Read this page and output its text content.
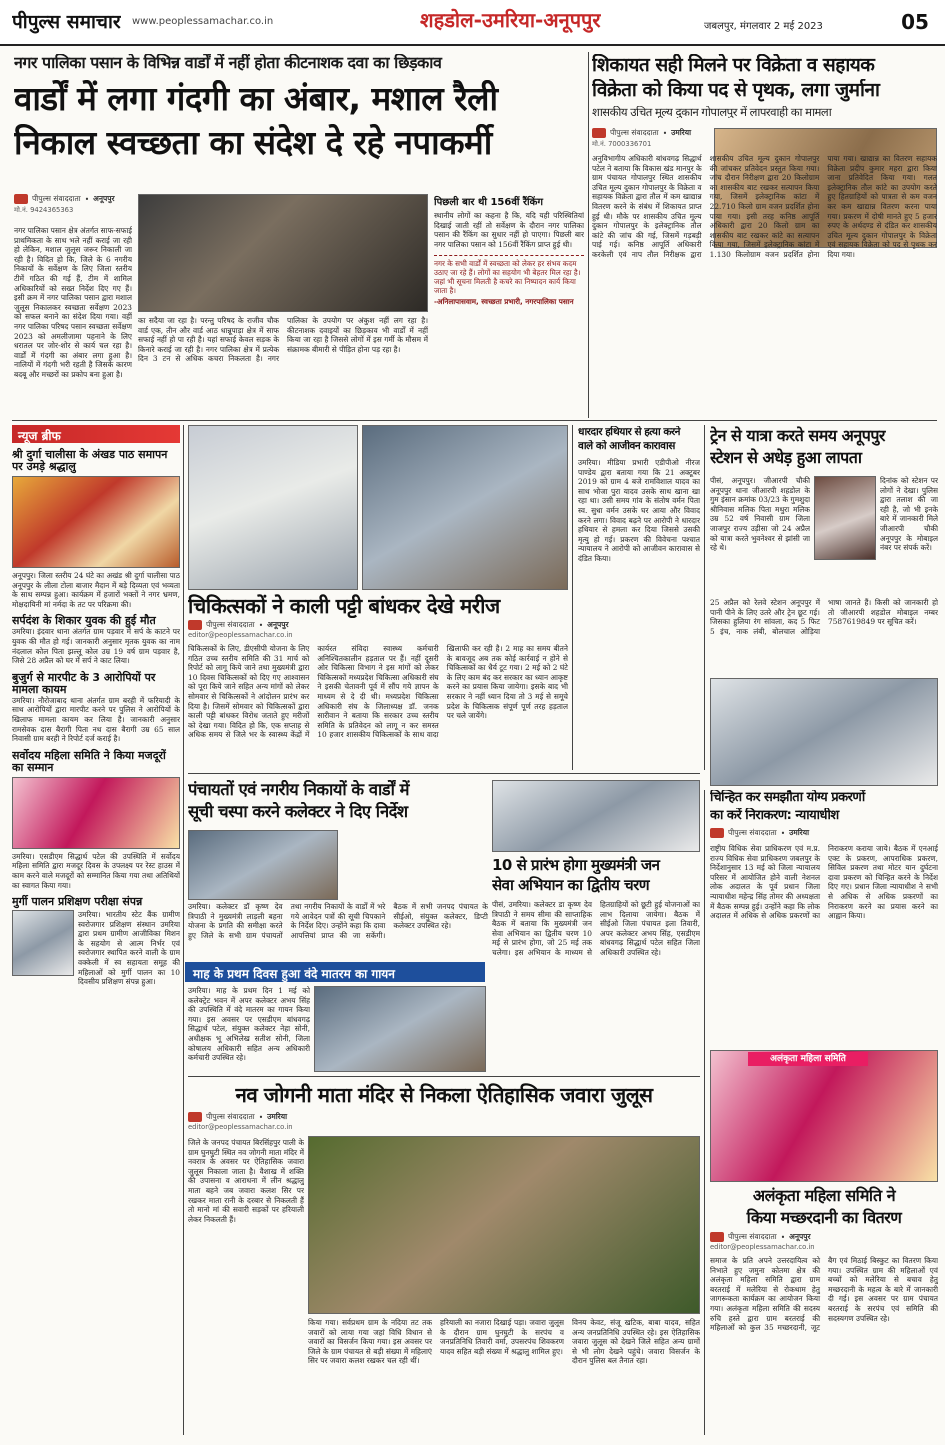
पीपुल्स समाचार www.peoplessamachar.co.in	शहडोल-उमरिया-अनूपपुर	जबलपुर, मंगलवार 2 मई 2023	05
नगर पालिका पसान के विभिन्न वार्डों में नहीं होता कीटनाशक दवा का छिड़काव
वार्डों में लगा गंदगी का अंबार, मशाल रैली
निकाल स्वच्छता का संदेश दे रहे नपाकर्मी
पीपुल्स संवाददाता • अनूपपुर
मो.नं. 9424365363
नगर पालिका पसान क्षेत्र अंतर्गत साफ-सफाई प्राथमिकता के साथ भले नहीं कराई जा रही हो लेकिन, मशाल जुलूस जरूर निकाली जा रही है। विदित हो कि, जिले के 6 नगरीय निकायों के सर्वेक्षण के लिए जिला स्तरीय टीमें गठित की गई हैं, टीम में शामिल अधिकारियों को सख्त निर्देश दिए गए हैं। इसी क्रम में नगर पालिका पसान द्वारा मशाल जुलूस निकालकर स्वच्छता सर्वेक्षण 2023 को सफल बनाने का संदेश दिया गया। वहीं नगर पालिका परिषद पसान स्वच्छता सर्वेक्षण 2023 को अमलीजामा पहनाने के लिए धरातल पर जोर-शोर से कार्य चल रहा है। वार्डों में गंदगी का अंबार लगा हुआ है। नालियों में गंदगी भरी रहती है जिसके कारण बदबू और मच्छरों का प्रकोप बना हुआ है।
का सदैया जा रहा है। परन्तु परिषद के राजीव चौक वार्ड एक, तीन और वार्ड आठ धान्नूपाड़ा क्षेत्र में साफ सफाई नहीं हो पा रही है। यहां सफाई केवल सड़क के किनारे कराई जा रही है। नगर पालिका क्षेत्र में प्रत्येक दिन 3 टन से अधिक कचरा निकलता है। नगर पालिका के उपयोग पर अंकुश नहीं लग रहा है। कीटनाशक दवाइयों का छिड़काव भी वार्डों में नहीं किया जा रहा है जिससे लोगों में इस गर्मी के मौसम में संक्रामक बीमारी से पीड़ित होना पड़ रहा है।
पिछली बार थी 156वीं रैंकिंग
स्थानीय लोगों का कहना है कि, यदि यही परिस्थितियां दिखाई जाती रहीं तो सर्वेक्षण के दौरान नगर पालिका पसान की रैंकिंग का सुधार नहीं हो पाएगा। पिछली बार नगर पालिका पसान को 156वीं रैंकिंग प्राप्त हुई थी।
नगर के सभी वार्डों में स्वच्छता को लेकर हर संभव कदम उठाए जा रहे हैं। लोगों का सहयोग भी बेहतर मिल रहा है। जहां भी सूचना मिलती है कचरे का निष्पादन कार्य किया जाता है।
-अनिलापासवाम, स्वच्छता प्रभारी, नगरपालिका पसान
शिकायत सही मिलने पर विक्रेता व सहायक
विक्रेता को किया पद से पृथक, लगा जुर्माना
शासकीय उचित मूल्य दुकान गोपालपुर में लापरवाही का मामला
पीपुल्स संवाददाता • उमरिया
मो.नं. 7000336701
अनुविभागीय अधिकारी बांधवगढ़ सिद्धार्थ पटेल ने बताया कि विकास खंड मानपुर के ग्राम पंचायत गोपालपुर स्थित शासकीय उचित मूल्य दुकान गोपालपुर के विक्रेता व सहायक विक्रेता द्वारा तौल में कम खाद्यान्न वितरण करने के संबंध में शिकायत प्राप्त हुई थी। मौके पर शासकीय उचित मूल्य दुकान गोपालपुर के इलेक्ट्रानिक तौल कांटे की जांच की गई, जिसमें गड़बड़ी पाई गई। कनिष्ठ आपूर्ति अधिकारी करकेली एवं नाप तौल निरीक्षक द्वारा शासकीय उचित मूल्य दुकान गोपालपुर की जांचकर प्रतिवेदन प्रस्तुत किया गया। जांच दौरान निरीक्षण द्वारा 20 किलोग्राम का शासकीय बाट रखकर सत्यापन किया गया, जिसमें इलेक्ट्रानिक कांटा में 22.710 किलो ग्राम वजन प्रदर्शित होना पाया गया। इसी तरह कनिष्ठ आपूर्ति अधिकारी द्वारा 20 किलो ग्राम का शासकीय बाट रखकर कांटे का सत्यापन किया गया, जिसमें इलेक्ट्रानिक कांटा में 1.130 किलोग्राम वजन प्रदर्शित होना पाया गया। खाद्यान्न का वितरण सहायक विक्रेता प्रदीप कुमार महरा द्वारा किया जाना प्रतिवेदित किया गया। गलत इलेक्ट्रानिक तौल कांटे का उपयोग करते हुए हितग्राहियों को पात्रता से कम वजन कर कम खाद्यान्न वितरण करना पाया गया। प्रकरण में दोषी मानते हुए 5 हजार रुपए के अर्थदण्ड से दंडित कर शासकीय उचित मूल्य दुकान गोपालपुर के विक्रेता एवं सहायक विक्रेता को पद से पृथक कर दिया गया।
न्यूज ब्रीफ
श्री दुर्गा चालीसा के अंखड पाठ समापन पर उमड़े श्रद्धालु
अनूपपुर। जिला स्तरीय 24 घंटे का अखंड श्री दुर्गा चालीसा पाठ अनूपपुर के लीला टोला बाजार मैदान में बड़े दिव्यता एवं भव्यता के साथ सम्पन्न हुआ। कार्यक्रम में हजारों भक्तों ने नगर भ्रमण, मोक्षदायिनी मां नर्मदा के तट पर परिक्रमा की।
सर्पदंश के शिकार युवक की हुई मौत
उमरिया। इंदवार थाना अंतर्गत ग्राम पड़वार में सर्प के काटने पर युवक की मौत हो गई। जानकारी अनुसार मृतक युवक का नाम नंदलाल कोल पिता झल्लू कोल उम्र 19 वर्ष ग्राम पड़वार है, जिसे 28 अप्रैल को घर में सर्प ने काट लिया।
बुजुर्ग से मारपीट के 3 आरोपियों पर मामला कायम
उमरिया। नौरोजाबाद थाना अंतर्गत ग्राम बरही में फरियादी के साथ आरोपियों द्वारा मारपीट करने पर पुलिस ने आरोपियों के खिलाफ मामला कायम कर लिया है। जानकारी अनुसार रामसेवक दास बैरागी पिता नथ दास बैरागी उम्र 65 साल निवासी ग्राम बरही ने रिपोर्ट दर्ज कराई है।
सर्वोदय महिला समिति ने किया मजदूरों का सम्मान
उमरिया। एसडीएम सिद्धार्थ पटेल की उपस्थिति में सर्वोदय महिला समिति द्वारा मजदूर दिवस के उपलक्ष्य पर रेस्ट हाउस में काम करने वाले मजदूरों को सम्मानित किया गया तथा अतिथियों का स्वागत किया गया।
मुर्गी पालन प्रशिक्षण परीक्षा संपन्न
उमरिया। भारतीय स्टेट बैंक ग्रामीण स्वरोजगार प्रशिक्षण संस्थान उमरिया द्वारा प्रथम ग्रामीण आजीविका मिशन के सहयोग से आत्म निर्भर एवं स्वरोजगार स्थापित करने वाली के ग्राम वक्केली में स्व सहायता समूह की महिलाओं को मुर्गी पालन का 10 दिवसीय प्रशिक्षण संपन्न हुआ।
चिकित्सकों ने काली पट्टी बांधकर देखे मरीज
पीपुल्स संवाददाता • अनूपपुर
editor@peoplessamachar.co.in
चिकित्सकों के लिए, डीएसीपी योजना के लिए गठित उच्च स्तरीय समिति की 31 मार्च को रिपोर्ट को लागू किये जाने तथा मुख्यमंत्री द्वारा 10 दिवस चिकित्सकों को दिए गए आश्वासन को पूरा किये जाने सहित अन्य मांगों को लेकर सोमवार से चिकित्सकों ने आंदोलन प्रारंभ कर दिया है। जिसमें सोमवार को चिकित्सकों द्वारा काली पट्टी बांधकर विरोध जताते हुए मरीजों को देखा गया। विदित हो कि, एक सप्ताह से अधिक समय से जिले भर के स्वास्थ्य केंद्रों में कार्यरत संविदा स्वास्थ्य कर्मचारी अनिश्चितकालीन हड़ताल पर हैं। नहीं दूसरी ओर चिकित्सा विभाग ने इस मांगों को लेकर चिकित्सकों मध्यप्रदेश चिकित्सा अधिकारी संघ ने इसकी चेतावनी पूर्व में सौंप गये ज्ञापन के माध्यम से दे दी थी। मध्यप्रदेश चिकित्सा अधिकारी संघ के जिलाध्यक्ष डॉ. जनक सारीवान ने बताया कि सरकार उच्च स्तरीय समिति के प्रतिवेदन को लागू न कर समस्त 10 हजार शासकीय चिकित्सकों के साथ वादा खिलाफी कर रही है। 2 माह का समय बीतने के बावजूद अब तक कोई कार्रवाई न होने से चिकित्सकों का धैर्य टूट गया। 2 मई को 2 घंटे के लिए काम बंद कर सरकार का ध्यान आकृष्ट करने का प्रयास किया जायेगा। इसके बाद भी सरकार ने नहीं ध्यान दिया तो 3 मई से समूचे प्रदेश के चिकित्सक संपूर्ण पूर्ण तरह हड़ताल पर चले जायेंगे।
धारदार हथियार से हत्या करने
वाले को आजीवन कारावास
उमरिया। मीडिया प्रभारी एडीपीओ नीरज पाण्डेय द्वारा बताया गया कि 21 अक्टूबर 2019 को ग्राम 4 बजे रामविशाल यादव का साथ भोजा पुरा यादव उसके साथ खाना खा रहा था। उसी समय गांव के संतोष वर्मन पिता स्व. सुधा वर्मन उसके घर आया और विवाद करने लगा। विवाद बढ़ने पर आरोपी ने धारदार हथियार से हमला कर दिया जिससे उसकी मृत्यु हो गई। प्रकरण की विवेचना पश्चात न्यायालय ने आरोपी को आजीवन कारावास से दंडित किया।
ट्रेन से यात्रा करते समय अनूपपुर
स्टेशन से अधेड़ हुआ लापता
पीसं, अनूपपुर। जीआरपी चौकी अनूपपुर थाना जीआरपी शहडोल के गुम इंसान क्रमांक 03/23 के गुमशुदा श्रीनिवास मलिक पिता मथुरा मलिक उम्र 52 वर्ष निवासी ग्राम जिला जाजपुर राज्य उड़ीसा जो 24 अप्रैल को यात्रा करते भुवनेश्वर से झांसी जा रहे थे।
दिनांक को स्टेशन पर लोगों ने देखा। पुलिस द्वारा तलाश की जा रही है, जो भी इनके बारे में जानकारी मिले जीआरपी चौकी अनूपपुर के मोबाइल नंबर पर संपर्क करें।
25 अप्रैल को रेलवे स्टेशन अनूपपुर में पानी पीने के लिए उतरे और ट्रेन छूट गई। जिसका हुलिया रंग सांवला, कद 5 फिट 5 इंच, नाक लंबी, बोलचाल ओड़िया भाषा जानते हैं। किसी को जानकारी हो तो जीआरपी शहडोल मोबाइल नम्बर 7587619849 पर सूचित करें।
पंचायतों एवं नगरीय निकायों के वार्डों में
सूची चस्पा करने कलेक्टर ने दिए निर्देश
उमरिया। कलेक्टर डॉ कृष्ण देव त्रिपाठी ने मुख्यमंत्री लाड़ली बहना योजना के प्रगति की समीक्षा करते हुए जिले के सभी ग्राम पंचायतों तथा नगरीय निकायों के वार्डों में भरे गये आवेदन पत्रों की सूची चिपकाने के निर्देश दिए। उन्होंने कहा कि दावा आपत्तियां प्राप्त की जा सकेंगी। बैठक में सभी जनपद पंचायत के सीईओ, संयुक्त कलेक्टर, डिप्टी कलेक्टर उपस्थित रहे।
10 से प्रारंभ होगा मुख्यमंत्री जन
सेवा अभियान का द्वितीय चरण
पीसं, उमरिया। कलेक्टर डा कृष्ण देव त्रिपाठी ने समय सीमा की साप्ताहिक बैठक में बताया कि मुख्यमंत्री जन सेवा अभियान का द्वितीय चरण 10 मई से प्रारंभ होगा, जो 25 मई तक चलेगा। इस अभियान के माध्यम से हितग्राहियों को छूटी हुई योजनाओं का लाभ दिलाया जायेगा। बैठक में सीईओ जिला पंचायत इला तिवारी, अपर कलेक्टर अभय सिंह, एसडीएम बांधवगढ़ सिद्धार्थ पटेल सहित जिला अधिकारी उपस्थित रहे।
माह के प्रथम दिवस हुआ वंदे मातरम का गायन
उमरिया। माह के प्रथम दिन 1 मई को कलेक्ट्रेट भवन में अपर कलेक्टर अभय सिंह की उपस्थिति में वंदे मातरम का गायन किया गया। इस अवसर पर एसडीएम बांधवगढ़ सिद्धार्थ पटेल, संयुक्त कलेक्टर नेहा सोनी, अधीक्षक भू अभिलेख सतीश सोनी, जिला कोषालय अधिकारी सहित अन्य अधिकारी कर्मचारी उपस्थित रहे।
चिन्हित कर समझौता योग्य प्रकरणों
का करें निराकरण: न्यायाधीश
पीपुल्स संवाददाता • उमरिया
राष्ट्रीय विधिक सेवा प्राधिकरण एवं म.प्र. राज्य विधिक सेवा प्राधिकरण जबलपुर के निर्देशानुसार 13 मई को जिला न्यायालय परिसर में आयोजित होने वाली नेशनल लोक अदालत के पूर्व प्रधान जिला न्यायाधीश महेन्द्र सिंह तोमर की अध्यक्षता में बैठक सम्पन्न हुई। उन्होंने कहा कि लोक अदालत में अधिक से अधिक प्रकरणों का निराकरण कराया जाये। बैठक में एनआई एक्ट के प्रकरण, आपराधिक प्रकरण, सिविल प्रकरण तथा मोटर यान दुर्घटना दावा प्रकरण को चिन्हित करने के निर्देश दिए गए। प्रधान जिला न्यायाधीश ने सभी से अधिक से अधिक प्रकरणों का निराकरण करने का प्रयास करने का आह्वान किया।
अलंकृता महिला समिति
अलंकृता महिला समिति ने
किया मच्छरदानी का वितरण
पीपुल्स संवाददाता • अनूपपुर
editor@peoplessamachar.co.in
समाज के प्रति अपने उत्तरदायित्व को निभाते हुए जमुना कोतमा क्षेत्र की अलंकृता महिला समिति द्वारा ग्राम बरतराई में मलेरिया से रोकथाम हेतु जागरूकता कार्यक्रम का आयोजन किया गया। अलंकृता महिला समिति की सदस्य रुचि हस्ते द्वारा ग्राम बरतराई की महिलाओं को कुल 35 मच्छरदानी, जूट बैग एवं मिठाई बिस्कुट का वितरण किया गया। उपस्थित ग्राम की महिलाओं एवं बच्चों को मलेरिया से बचाव हेतु मच्छरदानी के महत्व के बारे में जानकारी दी गई। इस अवसर पर ग्राम पंचायत बरतराई के सरपंच एवं समिति की सदस्यगण उपस्थित रहे।
नव जोगनी माता मंदिर से निकला ऐतिहासिक जवारा जुलूस
पीपुल्स संवाददाता • उमरिया
editor@peoplessamachar.co.in
जिले के जनपद पंचायत बिरसिंहपुर पाली के ग्राम घुनघुटी स्थित नव जोगनी माता मंदिर में नवरात्र के अवसर पर ऐतिहासिक जवारा जुलूस निकाला जाता है। वैशाख में शक्ति की उपासना व आराधना में लीन श्रद्धालु माता बहने जब जवारा कलश सिर पर रखकर माता रानी के दरबार से निकलती हैं तो मानो मां की सवारी सड़कों पर हरियाली लेकर निकलती हैं।
किया गया। सर्वप्रथम ग्राम के नदिया तट तक जवारों को लाया गया जहां विधि विधान से जवारों का विसर्जन किया गया। इस अवसर पर जिले के ग्राम पंचायत से बड़ी संख्या में महिलाएं सिर पर जवारा कलश रखकर चल रही थीं।
हरियाली का नजारा दिखाई पड़ा। जवारा जुलूस के दौरान ग्राम घुनघुटी के सरपंच व जनप्रतिनिधि तिवारी वर्मा, उपसरपंच शिवकरण यादव सहित बड़ी संख्या में श्रद्धालु शामिल हुए।
विनय केवट, संजू खटिक, बाबा यादव, सहित अन्य जनप्रतिनिधि उपस्थित रहे। इस ऐतिहासिक जवारा जुलूस को देखने जिले सहित अन्य ग्रामों से भी लोग देखने पहुंचे। जवारा विसर्जन के दौरान पुलिस बल तैनात रहा।
